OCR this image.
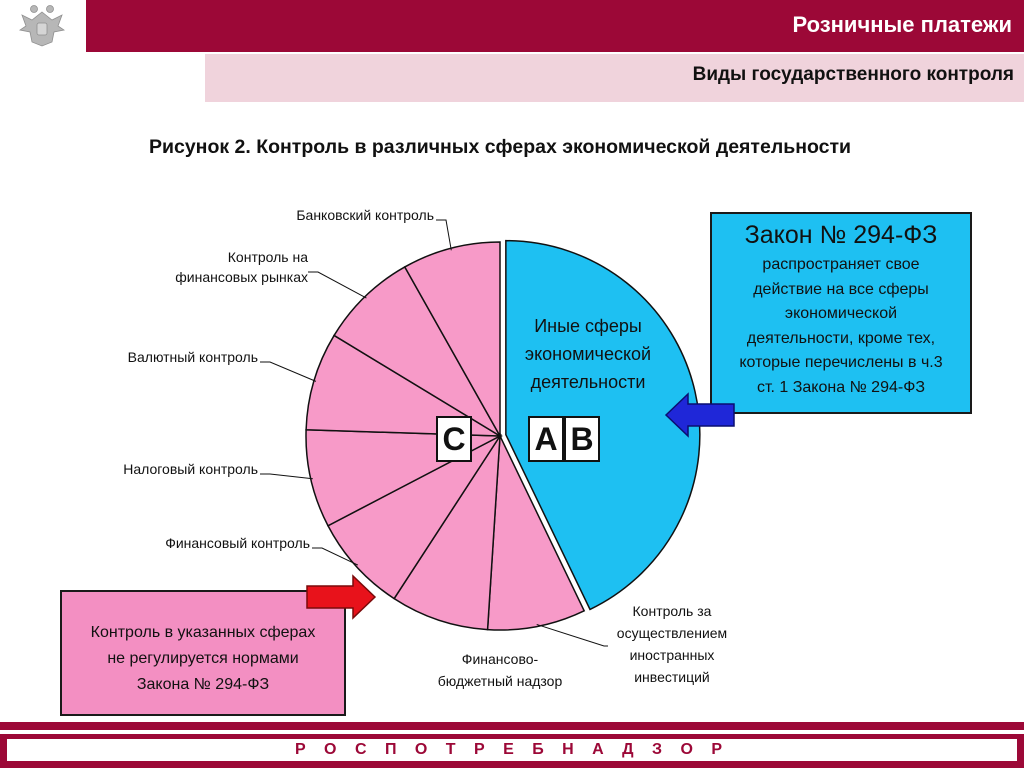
Розничные платежи
Виды государственного контроля
Рисунок 2. Контроль в различных сферах экономической деятельности
Иные сферы экономической деятельности
Контроль за осуществлением иностранных инвестиций
Финансово-бюджетный надзор
Финансовый контроль
Налоговый контроль
Валютный контроль
Контроль на финансовых рынках
Банковский контроль
C A B
Закон № 294-ФЗ
распространяет свое
действие на все сферы
экономической
деятельности, кроме тех,
которые перечислены в ч.3
ст. 1 Закона № 294-ФЗ
Контроль в указанных сферах
не регулируется нормами
Закона № 294-ФЗ
Р О С П О Т Р Е Б Н А Д З О Р
